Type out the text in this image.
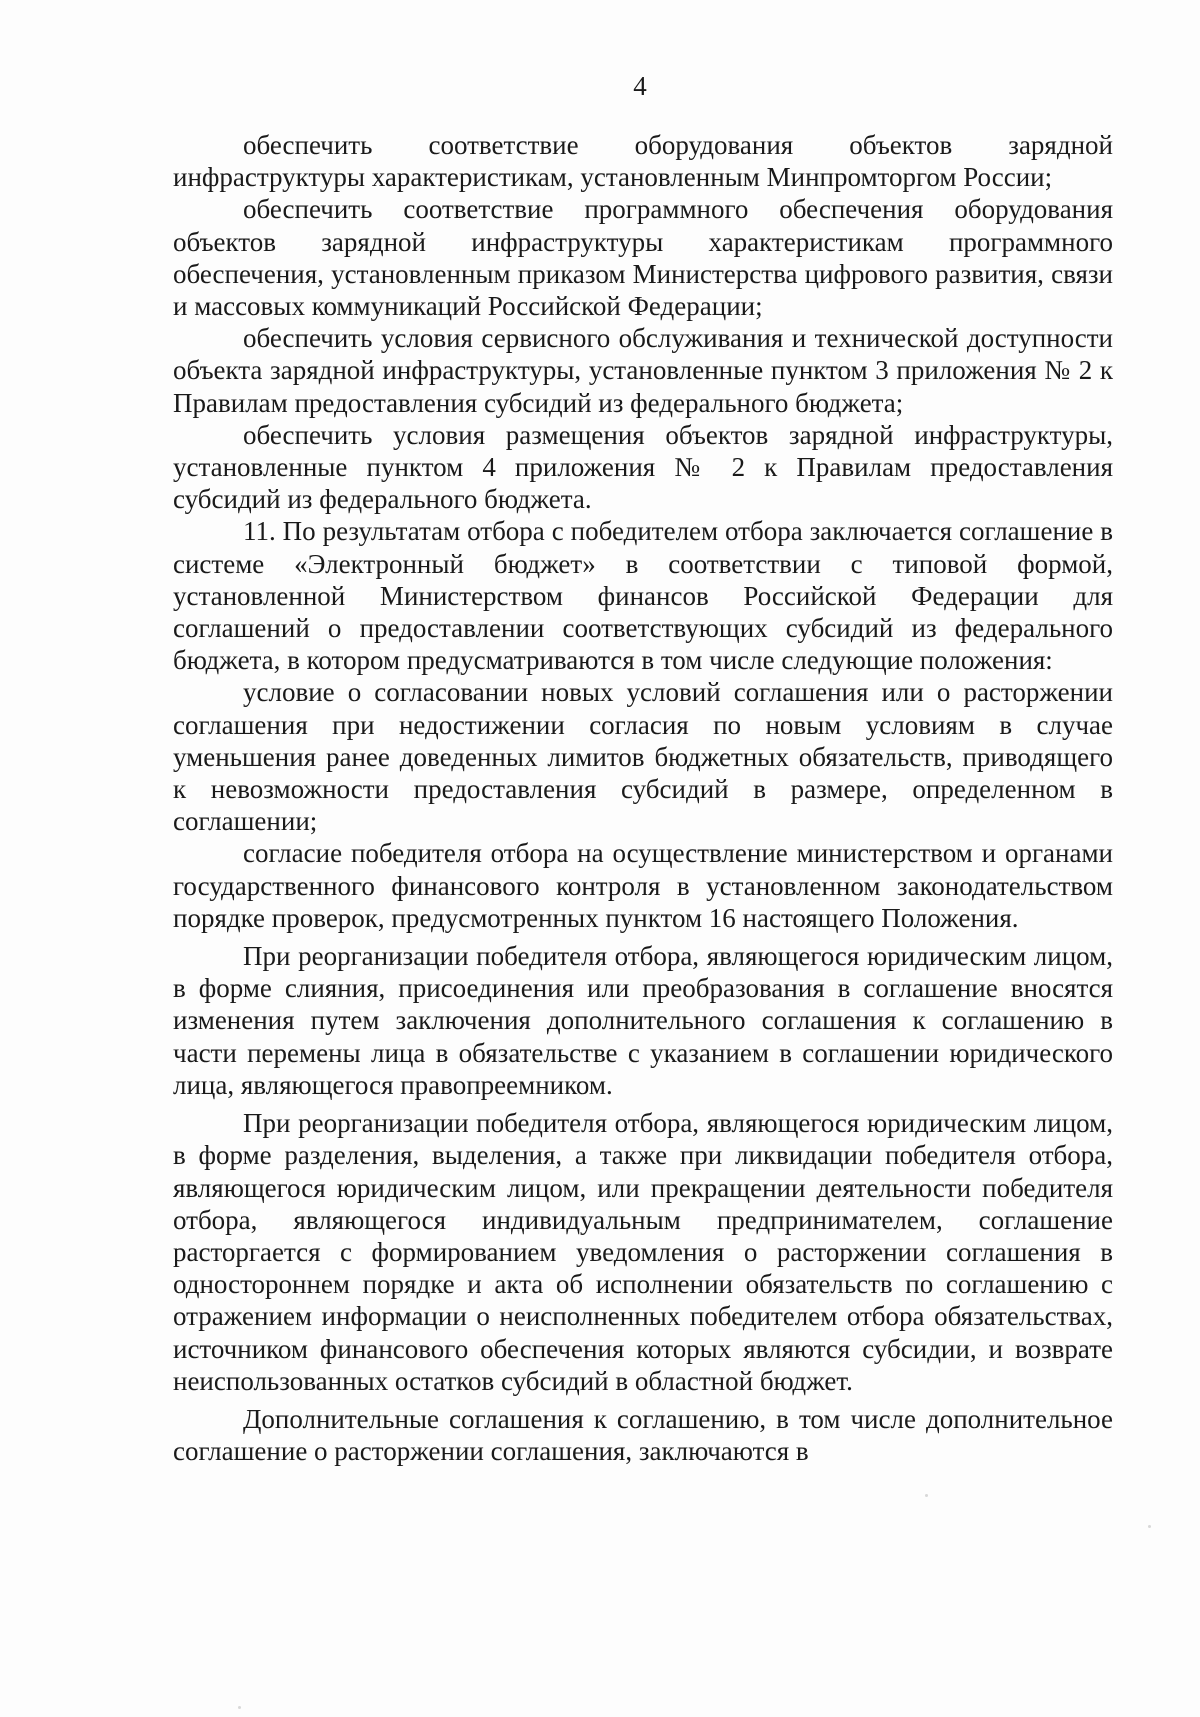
4

обеспечить соответствие оборудования объектов зарядной инфраструктуры характеристикам, установленным Минпромторгом России;

обеспечить соответствие программного обеспечения оборудования объектов зарядной инфраструктуры характеристикам программного обеспечения, установленным приказом Министерства цифрового развития, связи и массовых коммуникаций Российской Федерации;

обеспечить условия сервисного обслуживания и технической доступности объекта зарядной инфраструктуры, установленные пунктом 3 приложения № 2 к Правилам предоставления субсидий из федерального бюджета;

обеспечить условия размещения объектов зарядной инфраструктуры, установленные пунктом 4 приложения № 2 к Правилам предоставления субсидий из федерального бюджета.

11. По результатам отбора с победителем отбора заключается соглашение в системе «Электронный бюджет» в соответствии с типовой формой, установленной Министерством финансов Российской Федерации для соглашений о предоставлении соответствующих субсидий из федерального бюджета, в котором предусматриваются в том числе следующие положения:

условие о согласовании новых условий соглашения или о расторжении соглашения при недостижении согласия по новым условиям в случае уменьшения ранее доведенных лимитов бюджетных обязательств, приводящего к невозможности предоставления субсидий в размере, определенном в соглашении;

согласие победителя отбора на осуществление министерством и органами государственного финансового контроля в установленном законодательством порядке проверок, предусмотренных пунктом 16 настоящего Положения.

При реорганизации победителя отбора, являющегося юридическим лицом, в форме слияния, присоединения или преобразования в соглашение вносятся изменения путем заключения дополнительного соглашения к соглашению в части перемены лица в обязательстве с указанием в соглашении юридического лица, являющегося правопреемником.

При реорганизации победителя отбора, являющегося юридическим лицом, в форме разделения, выделения, а также при ликвидации победителя отбора, являющегося юридическим лицом, или прекращении деятельности победителя отбора, являющегося индивидуальным предпринимателем, соглашение расторгается с формированием уведомления о расторжении соглашения в одностороннем порядке и акта об исполнении обязательств по соглашению с отражением информации о неисполненных победителем отбора обязательствах, источником финансового обеспечения которых являются субсидии, и возврате неиспользованных остатков субсидий в областной бюджет.

Дополнительные соглашения к соглашению, в том числе дополнительное соглашение о расторжении соглашения, заключаются в
